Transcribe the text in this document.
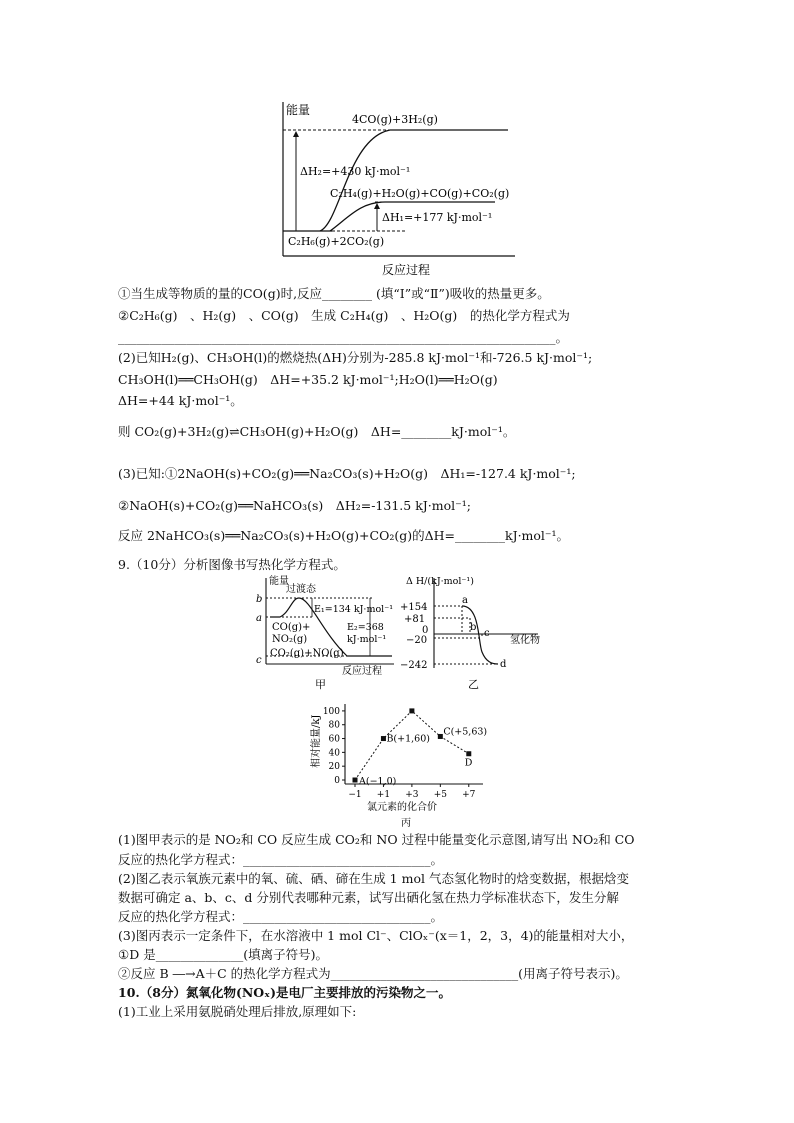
能量
反应过程
4CO(g)+3H₂(g)
C₂H₆(g)+2CO₂(g)
C₂H₄(g)+H₂O(g)+CO(g)+CO₂(g)
ΔH₂=+430 kJ·mol⁻¹
ΔH₁=+177 kJ·mol⁻¹
①当生成等物质的量的CO(g)时,反应________ (填“Ⅰ”或“Ⅱ”)吸收的热量更多。
②C₂H₆(g)　、H₂(g)　、CO(g)　生成 C₂H₄(g)　、H₂O(g)　的热化学方程式为
______________________________________________________________________。
(2)已知H₂(g)、CH₃OH(l)的燃烧热(ΔH)分别为-285.8 kJ·mol⁻¹和-726.5 kJ·mol⁻¹;
CH₃OH(l)══CH₃OH(g)　ΔH=+35.2 kJ·mol⁻¹;H₂O(l)══H₂O(g)
ΔH=+44 kJ·mol⁻¹。
则 CO₂(g)+3H₂(g)⇌CH₃OH(g)+H₂O(g)　ΔH=________kJ·mol⁻¹。
(3)已知:①2NaOH(s)+CO₂(g)══Na₂CO₃(s)+H₂O(g)　ΔH₁=-127.4 kJ·mol⁻¹;
②NaOH(s)+CO₂(g)══NaHCO₃(s)　ΔH₂=-131.5 kJ·mol⁻¹;
反应 2NaHCO₃(s)══Na₂CO₃(s)+H₂O(g)+CO₂(g)的ΔH=________kJ·mol⁻¹。
9.（10分）分析图像书写热化学方程式。
能量
反应过程
b
a
c
过渡态
E₁=134 kJ·mol⁻¹
E₂=368
kJ·mol⁻¹
CO(g)+
NO₂(g)
CO₂(g)+NO(g)
甲
Δ H/(kJ·mol⁻¹)
氢化物
+154
+81
0
−20
−242
a
b
c
d
乙
相对能量/kJ
氯元素的化合价
丙
0
20
40
60
80
100
−1 +1 +3 +5 +7
A(−1,0)
B(+1,60)
C(+5,63)
D
(1)图甲表示的是 NO₂和 CO 反应生成 CO₂和 NO 过程中能量变化示意图,请写出 NO₂和 CO
反应的热化学方程式：______________________________。
(2)图乙表示氧族元素中的氧、硫、硒、碲在生成 1 mol 气态氢化物时的焓变数据，根据焓变
数据可确定 a、b、c、d 分别代表哪种元素，试写出硒化氢在热力学标准状态下，发生分解
反应的热化学方程式：______________________________。
(3)图丙表示一定条件下，在水溶液中 1 mol Cl⁻、ClOₓ⁻(x＝1，2，3，4)的能量相对大小，
①D 是______________(填离子符号)。
②反应 B ―→A＋C 的热化学方程式为______________________________(用离子符号表示)。
10.（8分）氮氧化物(NOₓ)是电厂主要排放的污染物之一。
(1)工业上采用氨脱硝处理后排放,原理如下:
